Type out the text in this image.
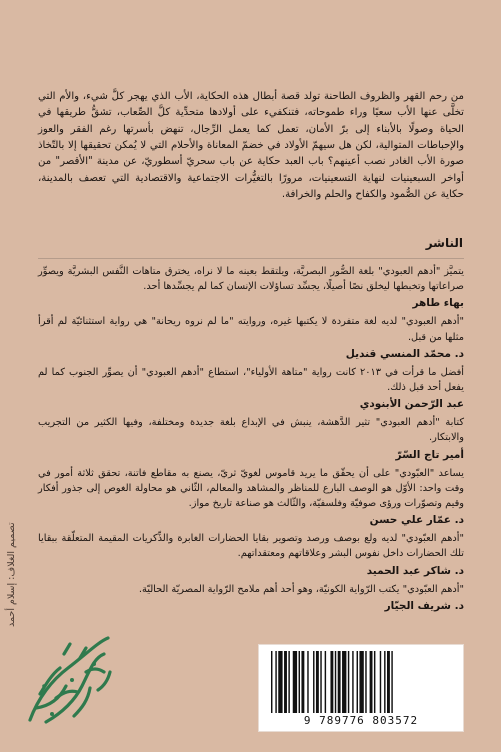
من رحم القهر والظروف الطاحنة تولد قصة أبطال هذه الحكاية، الأب الذي يهجر كلَّ شيء، والأم التي تخلَّى عنها الأب سعيًا وراء طموحاته، فتنكفيء على أولادها متحدِّية كلَّ الصِّعاب، تشقُّ طريقها في الحياة وصولًا بالأبناء إلى برّ الأمان، تعمل كما يعمل الرِّجال، تنهض بأسرتها رغم الفقر والعوز والإحباطات المتوالية، لكن هل سيهمّ الأولاد في خضمّ المعاناة والأحلام التي لا يُمكن تحقيقها إلا بالتّخاذ صورة الأب الغادر نصب أعينهم؟ باب العبد حكاية عن باب سحريّ أسطوريّ، عن مدينة "الأقصر" من أواخر السبعينيات لنهاية التسعينيات، مرورًا بالتغيُّرات الاجتماعية والاقتصادية التي تعصف بالمدينة، حكاية عن الصُّمود والكفاح والحلم والخرافة.

الناشر
يتميَّز "أدهم العبودي" بلغة الصُّور البصريَّة، ويلتقط بعينه ما لا نراه، يخترق متاهات النَّفس البشريَّة ويصوِّر صراعاتها وتخبطها ليخلق نصًا أصيلًا، يجسِّد تساؤلات الإنسان كما لم يجسِّدها أحد.
بهاء طاهر
"أدهم العبودي" لديه لغة متفردة لا يكتبها غيره، وروايته "ما لم نروه ريحانة" هي رواية استثنائيّة لم أقرأ مثلها من قبل.
د. محمّد المنسي قنديل
أفضل ما قرأت في ٢٠١٣ كانت رواية "متاهة الأولياء"، استطاع "أدهم العبودي" أن يصوِّر الجنوب كما لم يفعل أحد قبل ذلك.
عبد الرّحمن الأبنودي
كتابة "أدهم العبودي" تثير الدَّهشة، ينبش في الإبداع بلغة جديدة ومختلفة، وفيها الكثير من التجريب والابتكار.
أمير تاج السّرّ
يساعد "العبّودي" على أن يحقّق ما يريد قاموس لغويّ ثريّ، يصنع به مقاطع فاتنة، تحقق ثلاثة أمور في وقت واحد: الأوّل هو الوصف البارع للمناظر والمشاهد والمعالم، الثّاني هو محاولة الغوص إلى جذور أفكار وقيم وتصوّرات ورؤى صوفيّة وفلسفيّة، والثّالث هو صناعة تاريخ مواز.
د. عمّار علي حسن
"أدهم العبّودي" لديه ولع بوصف ورصد وتصوير بقايا الحضارات الغابرة والذِّكريات المقيمة المتعلّقة ببقايا تلك الحضارات داخل نفوس البشر وعلاقاتهم ومعتقداتهم.
د. شاكر عبد الحميد
"أدهم العبّودي" يكتب الرّواية الكونيّة، وهو أحد أهم ملامح الرّواية المصريّة الحاليّة.
د. شريف الجيّار
تصميم الغلاف: إسلام أحمد
9 789776 803572
